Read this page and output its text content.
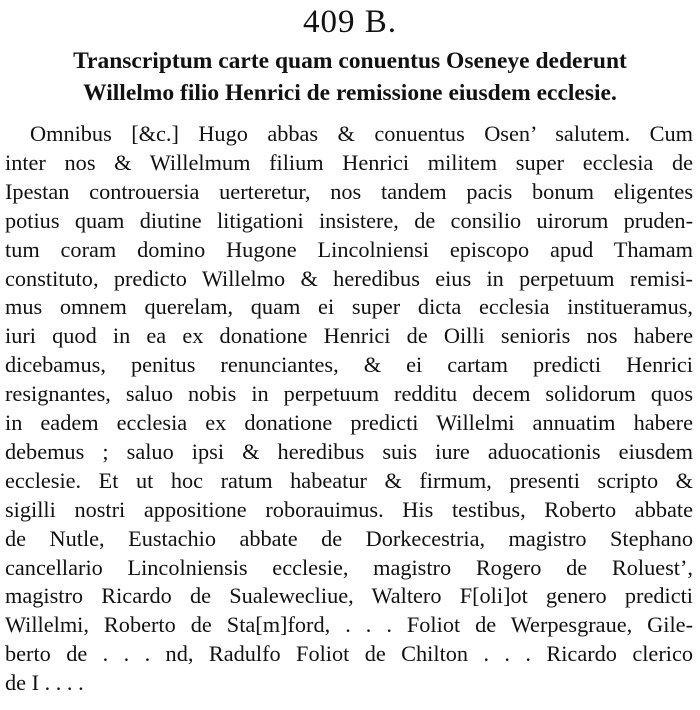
409 B.
Transcriptum carte quam conuentus Oseneye dederunt
Willelmo filio Henrici de remissione eiusdem ecclesie.
Omnibus [&c.] Hugo abbas & conuentus Osen’ salutem. Cum
inter nos & Willelmum filium Henrici militem super ecclesia de
Ipestan controuersia uerteretur, nos tandem pacis bonum eligentes
potius quam diutine litigationi insistere, de consilio uirorum pruden-
tum coram domino Hugone Lincolniensi episcopo apud Thamam
constituto, predicto Willelmo & heredibus eius in perpetuum remisi-
mus omnem querelam, quam ei super dicta ecclesia institueramus,
iuri quod in ea ex donatione Henrici de Oilli senioris nos habere
dicebamus, penitus renunciantes, & ei cartam predicti Henrici
resignantes, saluo nobis in perpetuum redditu decem solidorum quos
in eadem ecclesia ex donatione predicti Willelmi annuatim habere
debemus ; saluo ipsi & heredibus suis iure aduocationis eiusdem
ecclesie. Et ut hoc ratum habeatur & firmum, presenti scripto &
sigilli nostri appositione roborauimus. His testibus, Roberto abbate
de Nutle, Eustachio abbate de Dorkecestria, magistro Stephano
cancellario Lincolniensis ecclesie, magistro Rogero de Roluest’,
magistro Ricardo de Sualewecliue, Waltero F[oli]ot genero predicti
Willelmi, Roberto de Sta[m]ford, . . . Foliot de Werpesgraue, Gile-
berto de . . . nd, Radulfo Foliot de Chilton . . . Ricardo clerico
de I . . . .
